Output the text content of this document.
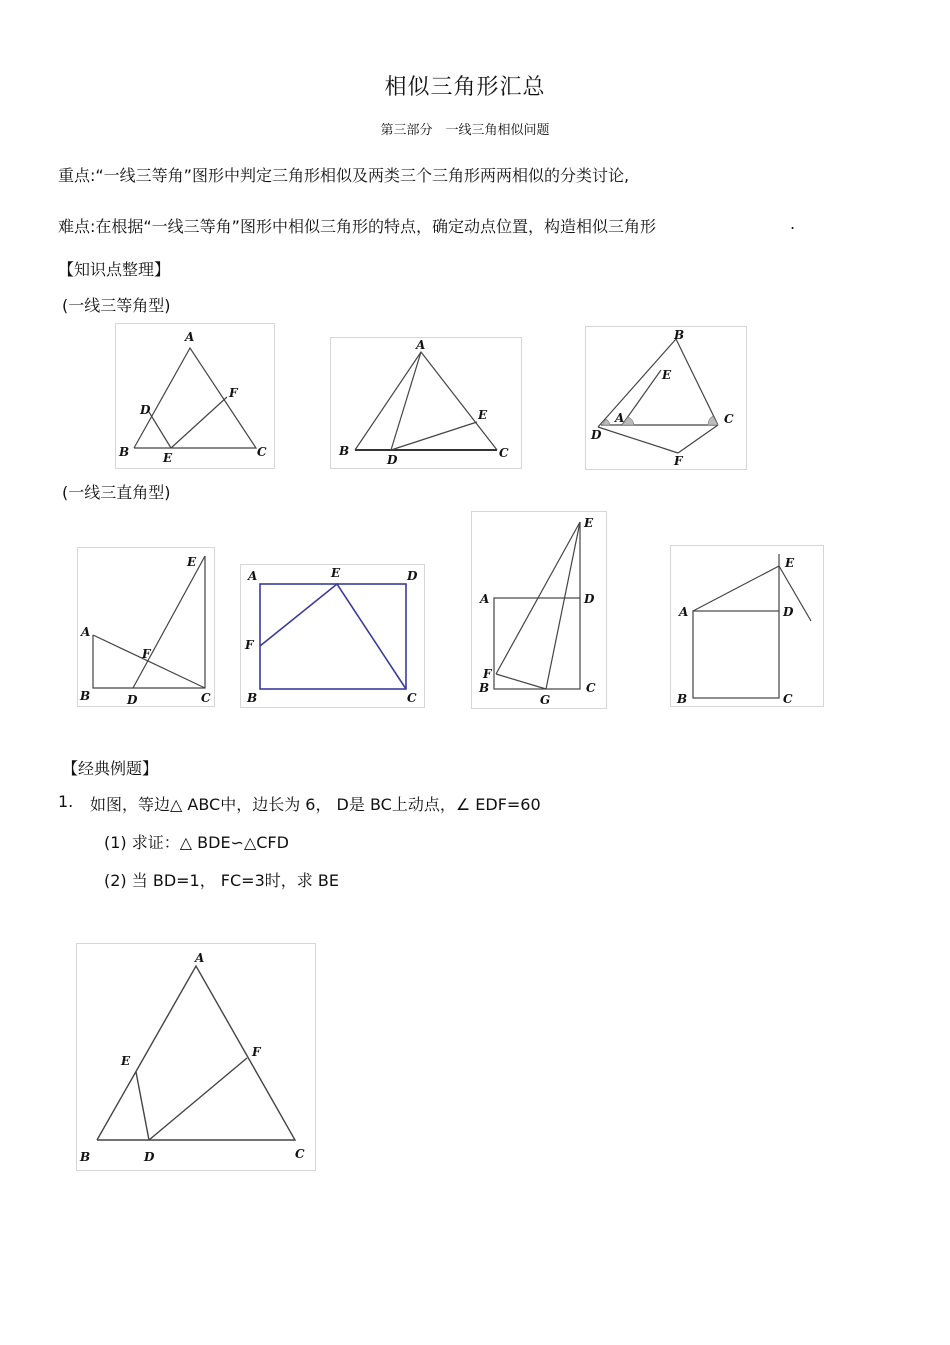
相似三角形汇总
第三部分　一线三角相似问题
重点:“一线三等角”图形中判定三角形相似及两类三个三角形两两相似的分类讨论,
难点:在根据“一线三等角”图形中相似三角形的特点，确定动点位置，构造相似三角形	.
【知识点整理】
(一线三等角型)
A
B	C
D
E
F
A
B	C
D
E
B
E
A	C
D
F
(一线三直角型)
E
A
F
B	D	C
A	E	D
F
B	C
E
A	D
F
B
G
C
E
A	D
B	C
【经典例题】
1. 如图，等边△ ABC中，边长为 6， D是 BC上动点，∠ EDF=60
(1) 求证：△ BDE∽△CFD
(2) 当 BD=1， FC=3时，求 BE
A
B	C
D
E
F
